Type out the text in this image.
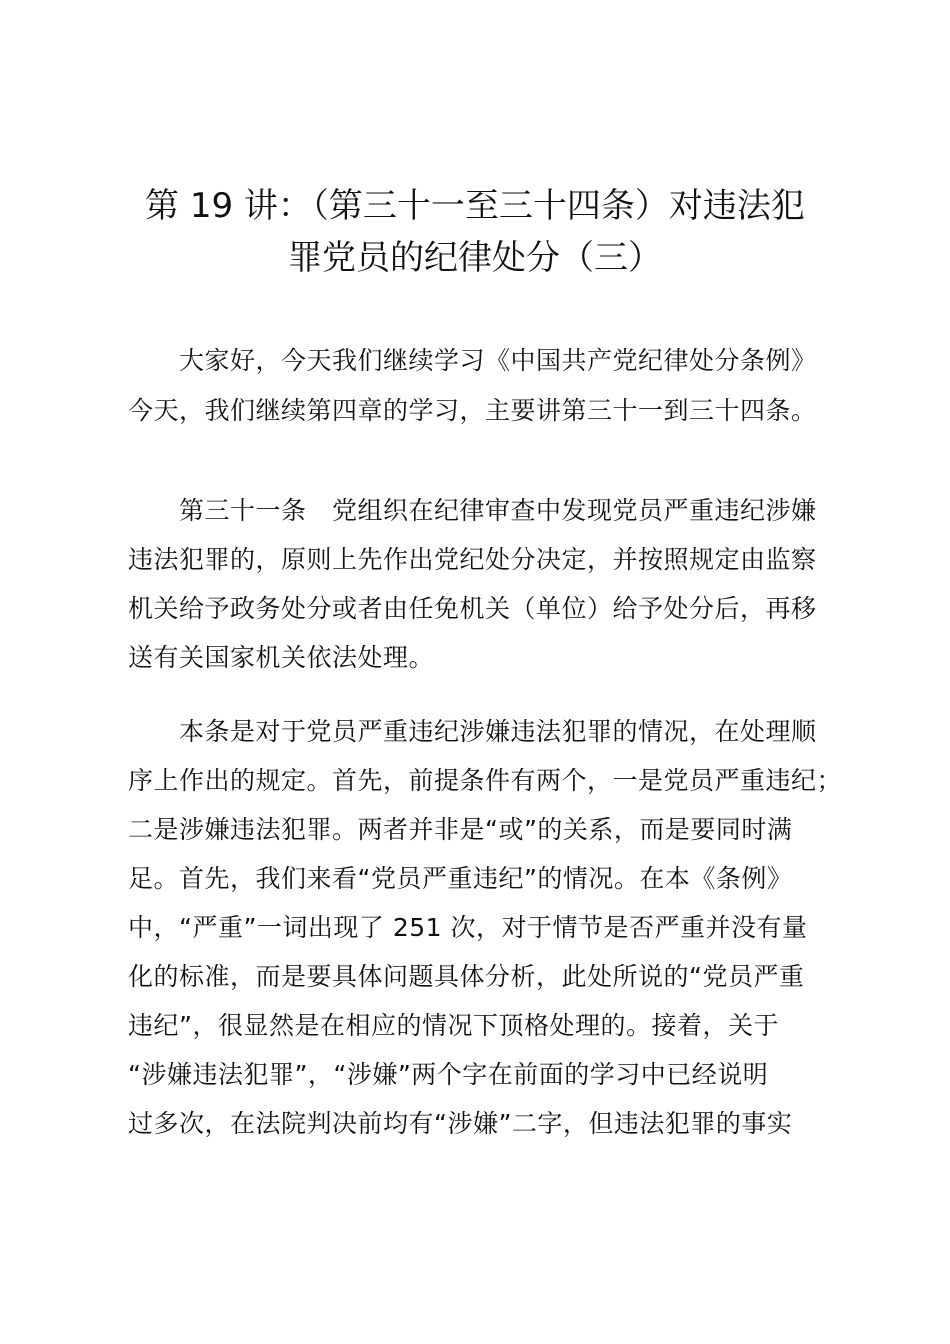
第 19 讲：（第三十一至三十四条）对违法犯
罪党员的纪律处分（三）

　　大家好，今天我们继续学习《中国共产党纪律处分条例》
今天，我们继续第四章的学习，主要讲第三十一到三十四条。

　　第三十一条　党组织在纪律审查中发现党员严重违纪涉嫌
违法犯罪的，原则上先作出党纪处分决定，并按照规定由监察
机关给予政务处分或者由任免机关（单位）给予处分后，再移
送有关国家机关依法处理。

　　本条是对于党员严重违纪涉嫌违法犯罪的情况，在处理顺
序上作出的规定。首先，前提条件有两个，一是党员严重违纪；
二是涉嫌违法犯罪。两者并非是“或”的关系，而是要同时满
足。首先，我们来看“党员严重违纪”的情况。在本《条例》
中，“严重”一词出现了 251 次，对于情节是否严重并没有量
化的标准，而是要具体问题具体分析，此处所说的“党员严重
违纪”，很显然是在相应的情况下顶格处理的。接着，关于
“涉嫌违法犯罪”，“涉嫌”两个字在前面的学习中已经说明
过多次，在法院判决前均有“涉嫌”二字，但违法犯罪的事实
